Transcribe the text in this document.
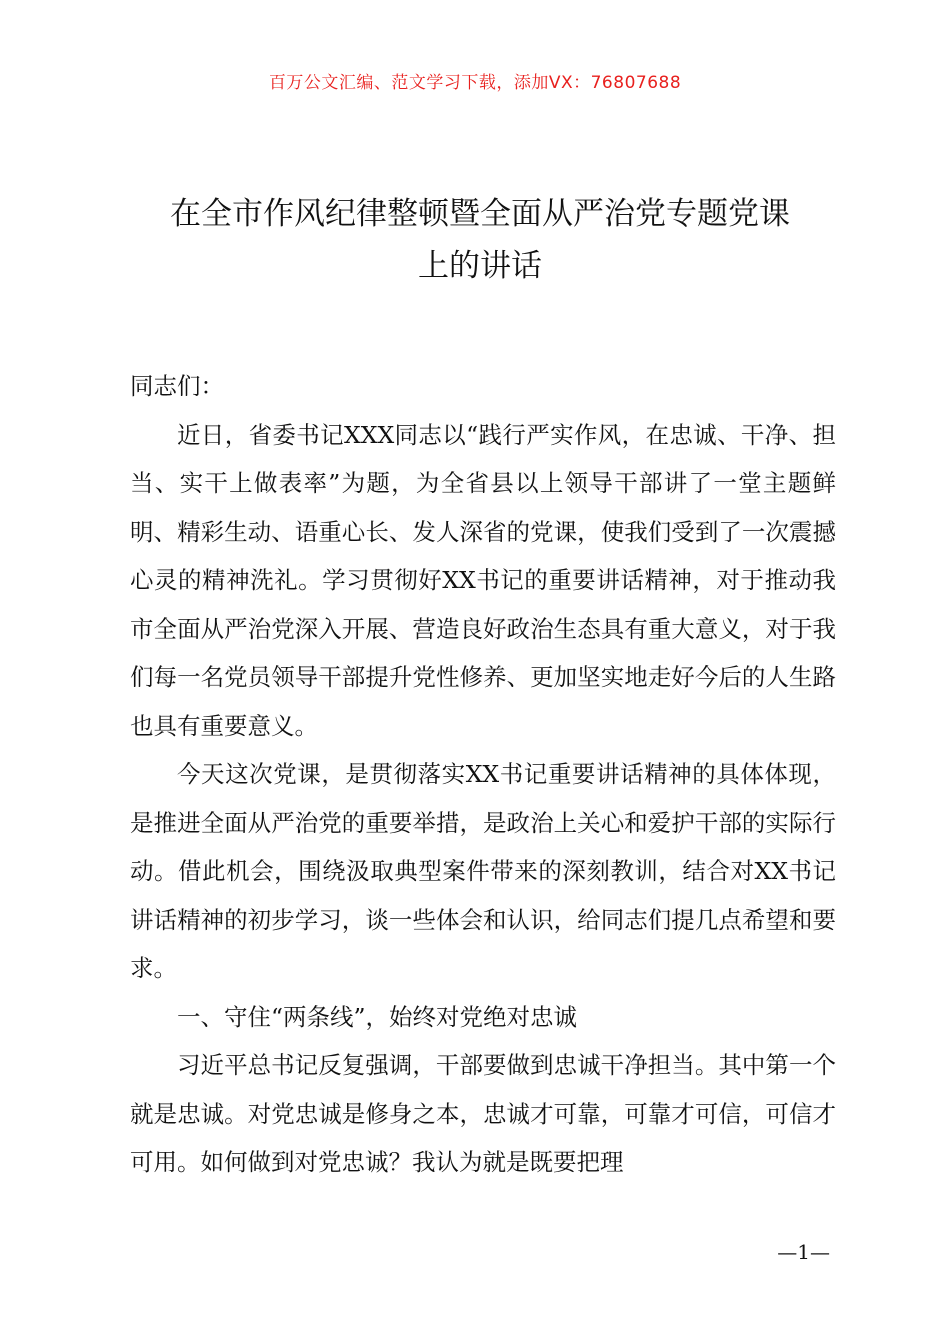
百万公文汇编、范文学习下载，添加VX：76807688
在全市作风纪律整顿暨全面从严治党专题党课
上的讲话

同志们：

近日，省委书记XXX同志以“践行严实作风，在忠诚、干净、担当、实干上做表率”为题，为全省县以上领导干部讲了一堂主题鲜明、精彩生动、语重心长、发人深省的党课，使我们受到了一次震撼心灵的精神洗礼。学习贯彻好XX书记的重要讲话精神，对于推动我市全面从严治党深入开展、营造良好政治生态具有重大意义，对于我们每一名党员领导干部提升党性修养、更加坚实地走好今后的人生路也具有重要意义。

今天这次党课，是贯彻落实XX书记重要讲话精神的具体体现，是推进全面从严治党的重要举措，是政治上关心和爱护干部的实际行动。借此机会，围绕汲取典型案件带来的深刻教训，结合对XX书记讲话精神的初步学习，谈一些体会和认识，给同志们提几点希望和要求。

一、守住“两条线”，始终对党绝对忠诚

习近平总书记反复强调，干部要做到忠诚干净担当。其中第一个就是忠诚。对党忠诚是修身之本，忠诚才可靠，可靠才可信，可信才可用。如何做到对党忠诚？我认为就是既要把理

—1—
